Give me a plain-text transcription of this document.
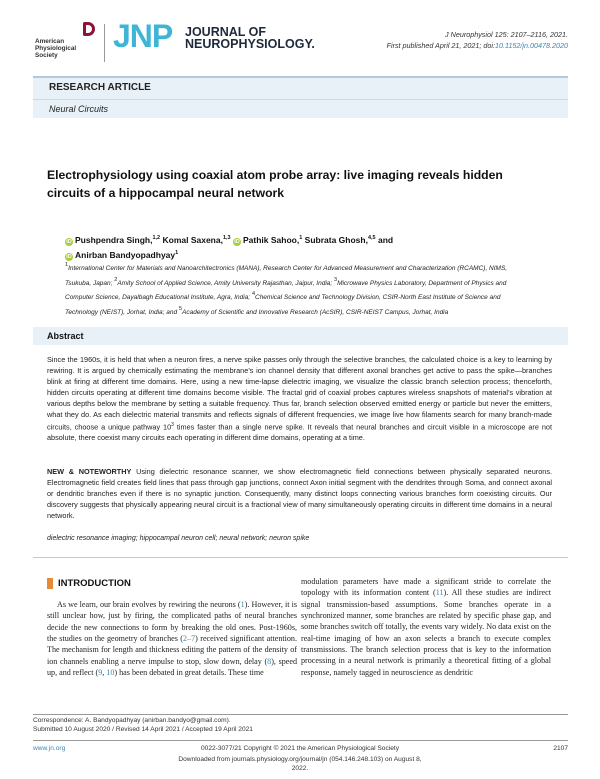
American
Physiological
Society
JNP JOURNAL OF
NEUROPHYSIOLOGY.
J Neurophysiol 125: 2107–2116, 2021.
First published April 21, 2021; doi:10.1152/jn.00478.2020
RESEARCH ARTICLE
Neural Circuits
Electrophysiology using coaxial atom probe array: live imaging reveals hidden circuits of a hippocampal neural network
iD Pushpendra Singh,$^{1,2}$ Komal Saxena,$^{1,3}$ iD Pathik Sahoo,$^1$ Subrata Ghosh,$^{4,5}$ and
iD Anirban Bandyopadhyay$^1$
$^1$International Center for Materials and Nanoarchitectronics (MANA), Research Center for Advanced Measurement and Characterization (RCAMC), NIMS, Tsukuba, Japan; $^2$Amity School of Applied Science, Amity University Rajasthan, Jaipur, India; $^3$Microwave Physics Laboratory, Department of Physics and Computer Science, Dayalbagh Educational Institute, Agra, India; $^4$Chemical Science and Technology Division, CSIR-North East Institute of Science and Technology (NEIST), Jorhat, India; and $^5$Academy of Scientific and Innovative Research (AcSIR), CSIR-NEIST Campus, Jorhat, India
Abstract
Since the 1960s, it is held that when a neuron fires, a nerve spike passes only through the selective branches, the calculated choice is a key to learning by rewiring. It is argued by chemically estimating the membrane’s ion channel density that different axonal branches get active to pass the spike—branches blink at firing at different time domains. Here, using a new time-lapse dielectric imaging, we visualize the classic branch selection process; thenceforth, hidden circuits operating at different time domains become visible. The fractal grid of coaxial probes captures wireless snapshots of material’s vibration at various depths below the membrane by setting a suitable frequency. Thus far, branch selection observed emitted energy or particle but never the emitters, what they do. As each dielectric material transmits and reflects signals of different frequencies, we image live how filaments search for many branch-made circuits, choose a unique pathway $10^3$ times faster than a single nerve spike. It reveals that neural branches and circuit visible in a microscope are not absolute, there coexist many circuits each operating in different dime domains, operating at a time.
NEW & NOTEWORTHY Using dielectric resonance scanner, we show electromagnetic field connections between physically separated neurons. Electromagnetic field creates field lines that pass through gap junctions, connect Axon initial segment with the dendrites through Soma, and connect axonal or dendritic branches even if there is no synaptic junction. Consequently, many distinct loops connecting various branches form coexisting circuits. Our discovery suggests that physically appearing neural circuit is a fractional view of many simultaneously operating circuits in different time domains in a neural network.
dielectric resonance imaging; hippocampal neuron cell; neural network; neuron spike
INTRODUCTION
As we learn, our brain evolves by rewiring the neurons (1). However, it is still unclear how, just by firing, the complicated paths of neural branches decide the new connections to form by breaking the old ones. Post-1960s, the studies on the geometry of branches (2–7) received significant attention. The mechanism for length and thickness editing the pattern of the density of ion channels enabling a nerve impulse to stop, slow down, delay (8), speed up, and reflect (9, 10) has been debated in great details. These time
modulation parameters have made a significant stride to correlate the topology with its information content (11). All these studies are indirect signal transmission-based assumptions. Some branches operate in a synchronized manner, some branches are related by specific phase gap, and some branches switch off totally, the events vary widely. No data exist on the real-time imaging of how an axon selects a branch to execute complex transmissions. The branch selection process that is key to the information processing in a neural network is primarily a theoretical fitting of a global response, namely tagged in neuroscience as dendritic
Correspondence: A. Bandyopadhyay (anirban.bandyo@gmail.com).
Submitted 10 August 2020 / Revised 14 April 2021 / Accepted 19 April 2021
www.jn.org	0022-3077/21 Copyright © 2021 the American Physiological Society	2107
Downloaded from journals.physiology.org/journal/jn (054.146.248.103) on August 8, 2022.
